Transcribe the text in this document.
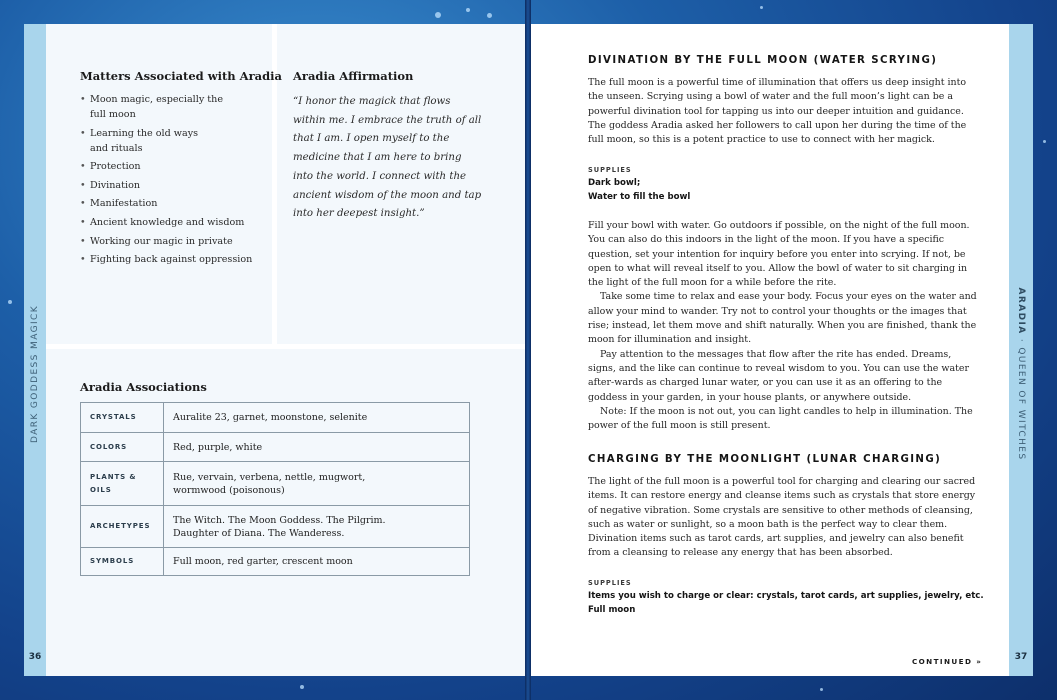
DARK GODDESS MAGICK
36
Matters Associated with Aradia
• Moon magic, especially the
full moon
• Learning the old ways
and rituals
• Protection
• Divination
• Manifestation
• Ancient knowledge and wisdom
• Working our magic in private
• Fighting back against oppression
Aradia Affirmation
“I honor the magick that flows within me. I embrace the truth of all that I am. I open myself to the medicine that I am here to bring into the world. I connect with the ancient wisdom of the moon and tap into her deepest insight.”
Aradia Associations
CRYSTALS	Auralite 23, garnet, moonstone, selenite
COLORS	Red, purple, white
PLANTS &
OILS	Rue, vervain, verbena, nettle, mugwort,
wormwood (poisonous)
ARCHETYPES	The Witch. The Moon Goddess. The Pilgrim.
Daughter of Diana. The Wanderess.
SYMBOLS	Full moon, red garter, crescent moon
ARADIA · QUEEN OF WITCHES
37
DIVINATION BY THE FULL MOON (WATER SCRYING)
The full moon is a powerful time of illumination that offers us deep insight into the unseen. Scrying using a bowl of water and the full moon’s light can be a powerful divination tool for tapping us into our deeper intuition and guidance. The goddess Aradia asked her followers to call upon her during the time of the full moon, so this is a potent practice to use to connect with her magick.
SUPPLIES
Dark bowl;
Water to fill the bowl
Fill your bowl with water. Go outdoors if possible, on the night of the full moon. You can also do this indoors in the light of the moon. If you have a specific question, set your intention for inquiry before you enter into scrying. If not, be open to what will reveal itself to you. Allow the bowl of water to sit charging in the light of the full moon for a while before the rite.
Take some time to relax and ease your body. Focus your eyes on the water and allow your mind to wander. Try not to control your thoughts or the images that rise; instead, let them move and shift naturally. When you are finished, thank the moon for illumination and insight.
Pay attention to the messages that flow after the rite has ended. Dreams, signs, and the like can continue to reveal wisdom to you. You can use the water after-wards as charged lunar water, or you can use it as an offering to the goddess in your garden, in your house plants, or anywhere outside.
Note: If the moon is not out, you can light candles to help in illumination. The power of the full moon is still present.
CHARGING BY THE MOONLIGHT (LUNAR CHARGING)
The light of the full moon is a powerful tool for charging and clearing our sacred items. It can restore energy and cleanse items such as crystals that store energy of negative vibration. Some crystals are sensitive to other methods of cleansing, such as water or sunlight, so a moon bath is the perfect way to clear them. Divination items such as tarot cards, art supplies, and jewelry can also benefit from a cleansing to release any energy that has been absorbed.
SUPPLIES
Items you wish to charge or clear: crystals, tarot cards, art supplies, jewelry, etc.
Full moon
CONTINUED »
